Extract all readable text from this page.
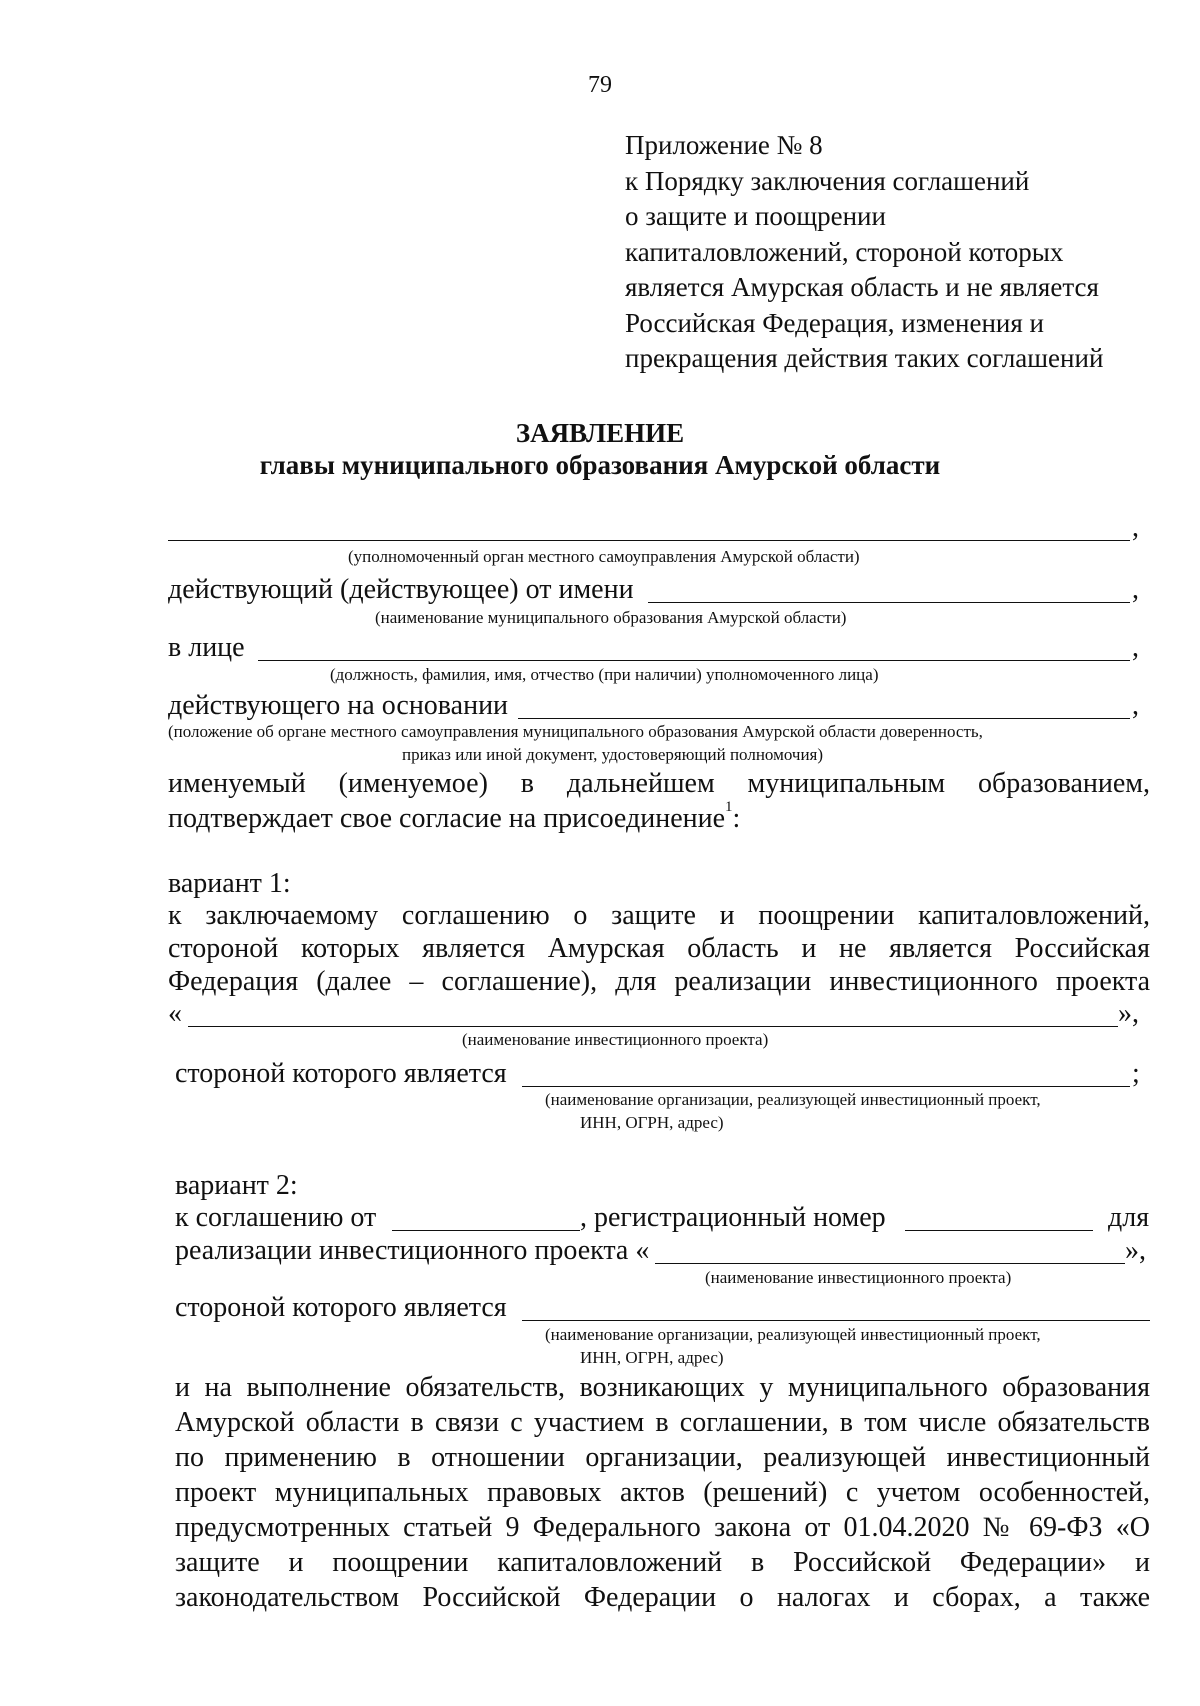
79
Приложение № 8
к Порядку заключения соглашений
о защите и поощрении
капиталовложений, стороной которых
является Амурская область и не является
Российская Федерация, изменения и
прекращения действия таких соглашений
ЗАЯВЛЕНИЕ
главы муниципального образования Амурской области
,
(уполномоченный орган местного самоуправления Амурской области)
действующий (действующее) от имени	,
(наименование муниципального образования Амурской области)
в лице	,
(должность, фамилия, имя, отчество (при наличии) уполномоченного лица)
действующего на основании	,
(положение об органе местного самоуправления муниципального образования Амурской области доверенность,
приказ или иной документ, удостоверяющий полномочия)
именуемый (именуемое) в дальнейшем муниципальным образованием,
подтверждает свое согласие на присоединение$^1$:
вариант 1:
к заключаемому соглашению о защите и поощрении капиталовложений,
стороной которых является Амурская область и не является Российская
Федерация (далее – соглашение), для реализации инвестиционного проекта
«	»,
(наименование инвестиционного проекта)
стороной которого является	;
(наименование организации, реализующей инвестиционный проект,
ИНН, ОГРН, адрес)
вариант 2:
к соглашению от	, регистрационный номер	для
реализации инвестиционного проекта «	»,
(наименование инвестиционного проекта)
стороной которого является
(наименование организации, реализующей инвестиционный проект,
ИНН, ОГРН, адрес)
и на выполнение обязательств, возникающих у муниципального образования
Амурской области в связи с участием в соглашении, в том числе обязательств
по применению в отношении организации, реализующей инвестиционный
проект муниципальных правовых актов (решений) с учетом особенностей,
предусмотренных статьей 9 Федерального закона от 01.04.2020 № 69-ФЗ «О
защите и поощрении капиталовложений в Российской Федерации» и
законодательством Российской Федерации о налогах и сборах, а также
